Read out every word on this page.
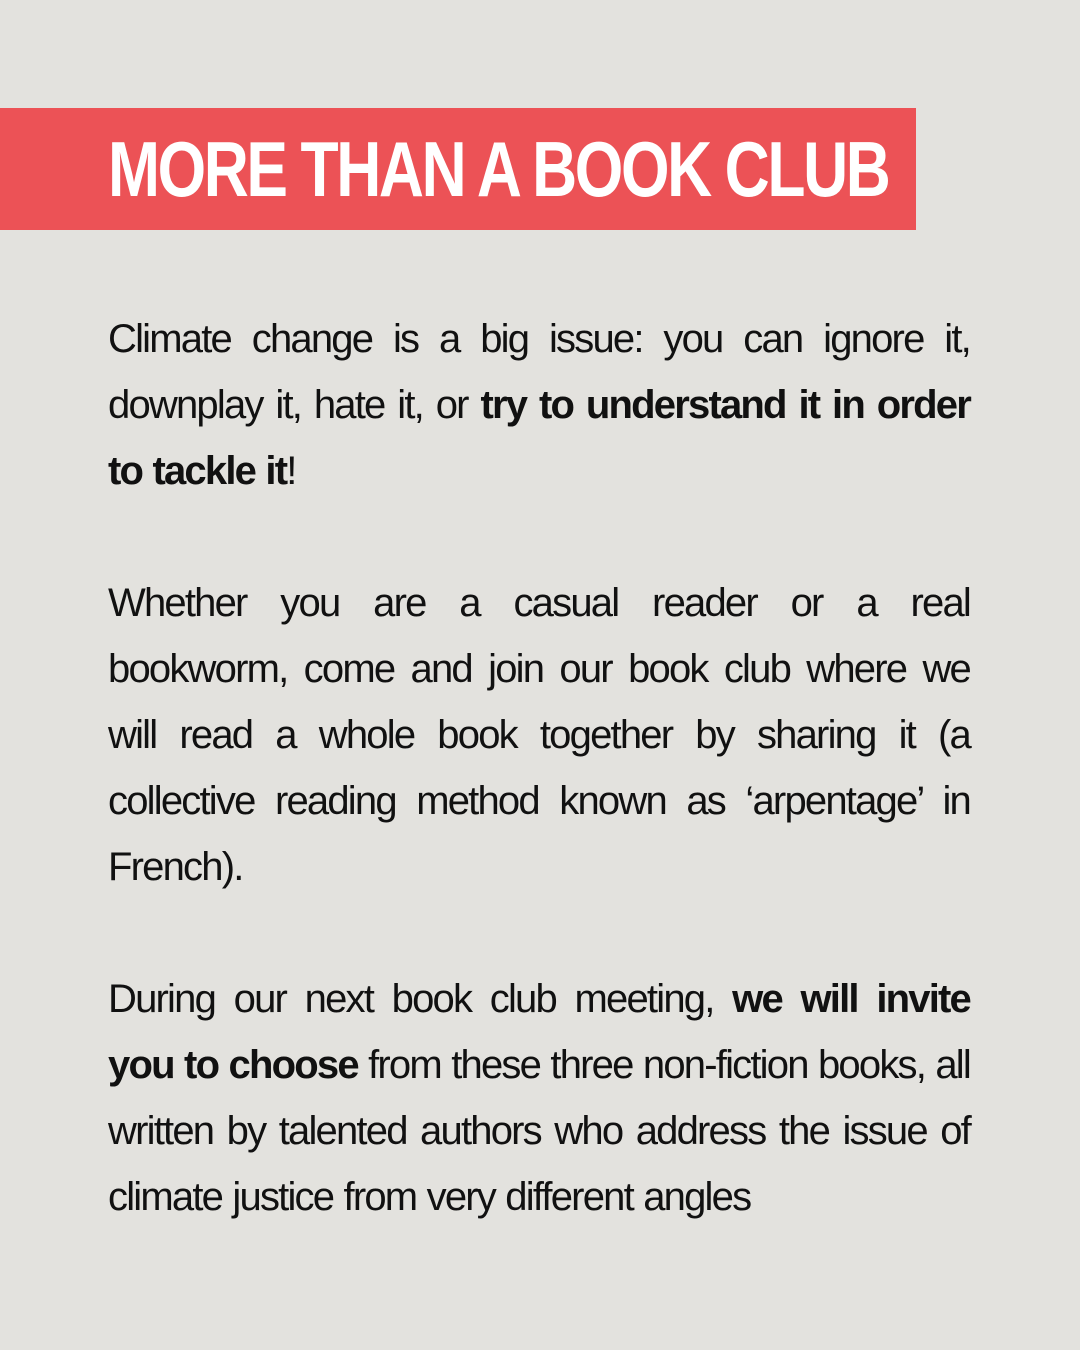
MORE THAN A BOOK CLUB

Climate change is a big issue: you can ignore it, downplay it, hate it, or try to understand it in order to tackle it!

Whether you are a casual reader or a real bookworm, come and join our book club where we will read a whole book together by sharing it (a collective reading method known as ‘arpentage’ in French).

During our next book club meeting, we will invite you to choose from these three non-fiction books, all written by talented authors who address the issue of climate justice from very different angles
